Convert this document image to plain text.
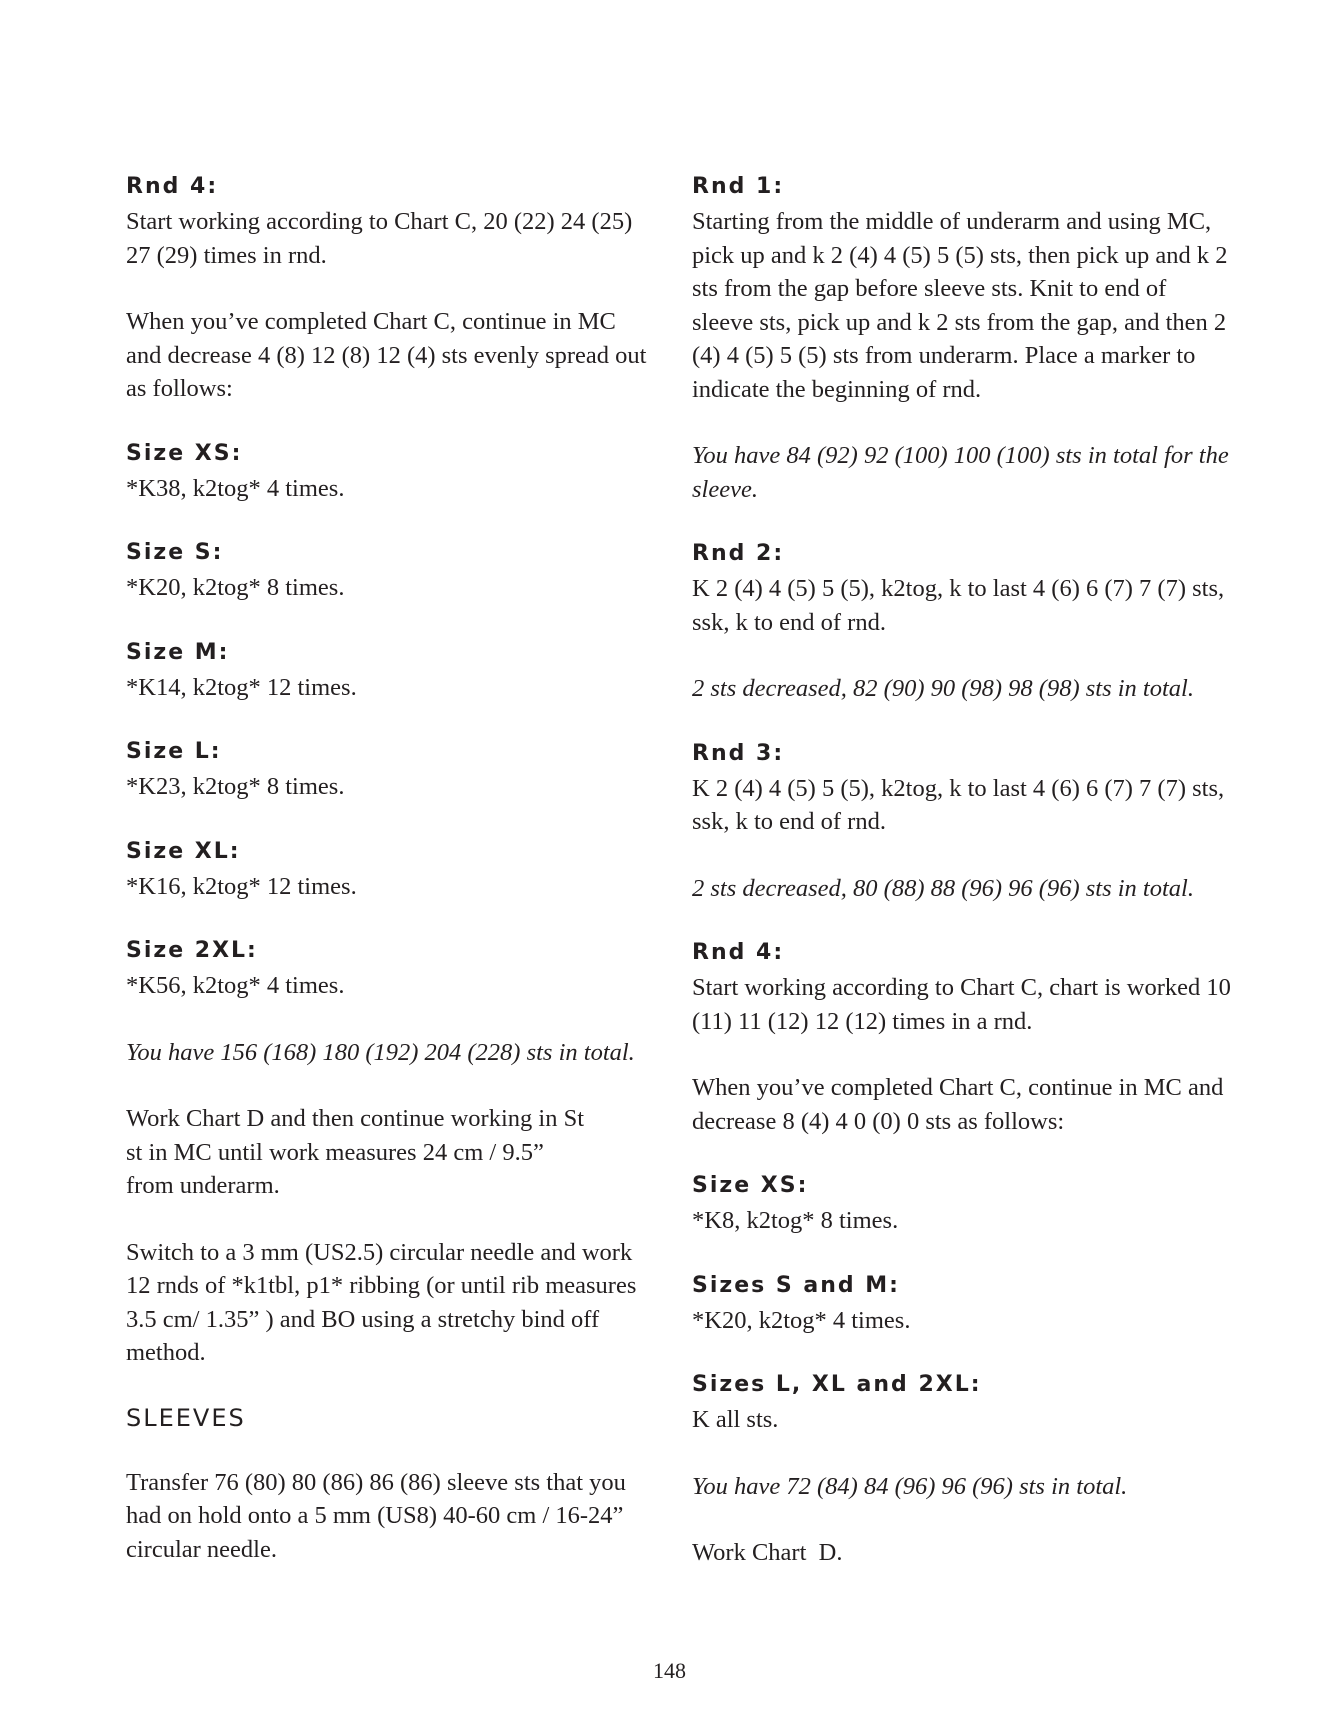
Rnd 4:

Start working according to Chart C, 20 (22) 24 (25) 27 (29) times in rnd.

When you’ve completed Chart C, continue in MC and decrease 4 (8) 12 (8) 12 (4) sts evenly spread out as follows:

Size XS:

*K38, k2tog* 4 times.

Size S:

*K20, k2tog* 8 times.

Size M:

*K14, k2tog* 12 times.

Size L:

*K23, k2tog* 8 times.

Size XL:

*K16, k2tog* 12 times.

Size 2XL:

*K56, k2tog* 4 times.

You have 156 (168) 180 (192) 204 (228) sts in total.

Work Chart D and then continue working in St st in MC until work measures 24 cm / 9.5” from underarm.

Switch to a 3 mm (US2.5) circular needle and work 12 rnds of *k1tbl, p1* ribbing (or until rib measures 3.5 cm/ 1.35” ) and BO using a stretchy bind off method.

SLEEVES

Transfer 76 (80) 80 (86) 86 (86) sleeve sts that you had on hold onto a 5 mm (US8) 40-60 cm / 16-24” circular needle.

Rnd 1:

Starting from the middle of underarm and using MC, pick up and k 2 (4) 4 (5) 5 (5) sts, then pick up and k 2 sts from the gap before sleeve sts. Knit to end of sleeve sts, pick up and k 2 sts from the gap, and then 2 (4) 4 (5) 5 (5) sts from underarm. Place a marker to indicate the beginning of rnd.

You have 84 (92) 92 (100) 100 (100) sts in total for the sleeve.

Rnd 2:

K 2 (4) 4 (5) 5 (5), k2tog, k to last 4 (6) 6 (7) 7 (7) sts, ssk, k to end of rnd.

2 sts decreased, 82 (90) 90 (98) 98 (98) sts in total.

Rnd 3:

K 2 (4) 4 (5) 5 (5), k2tog, k to last 4 (6) 6 (7) 7 (7) sts, ssk, k to end of rnd.

2 sts decreased, 80 (88) 88 (96) 96 (96) sts in total.

Rnd 4:

Start working according to Chart C, chart is worked 10 (11) 11 (12) 12 (12) times in a rnd.

When you’ve completed Chart C, continue in MC and decrease 8 (4) 4 0 (0) 0 sts as follows:

Size XS:

*K8, k2tog* 8 times.

Sizes S and M:

*K20, k2tog* 4 times.

Sizes L, XL and 2XL:

K all sts.

You have 72 (84) 84 (96) 96 (96) sts in total.

Work Chart  D.

148
